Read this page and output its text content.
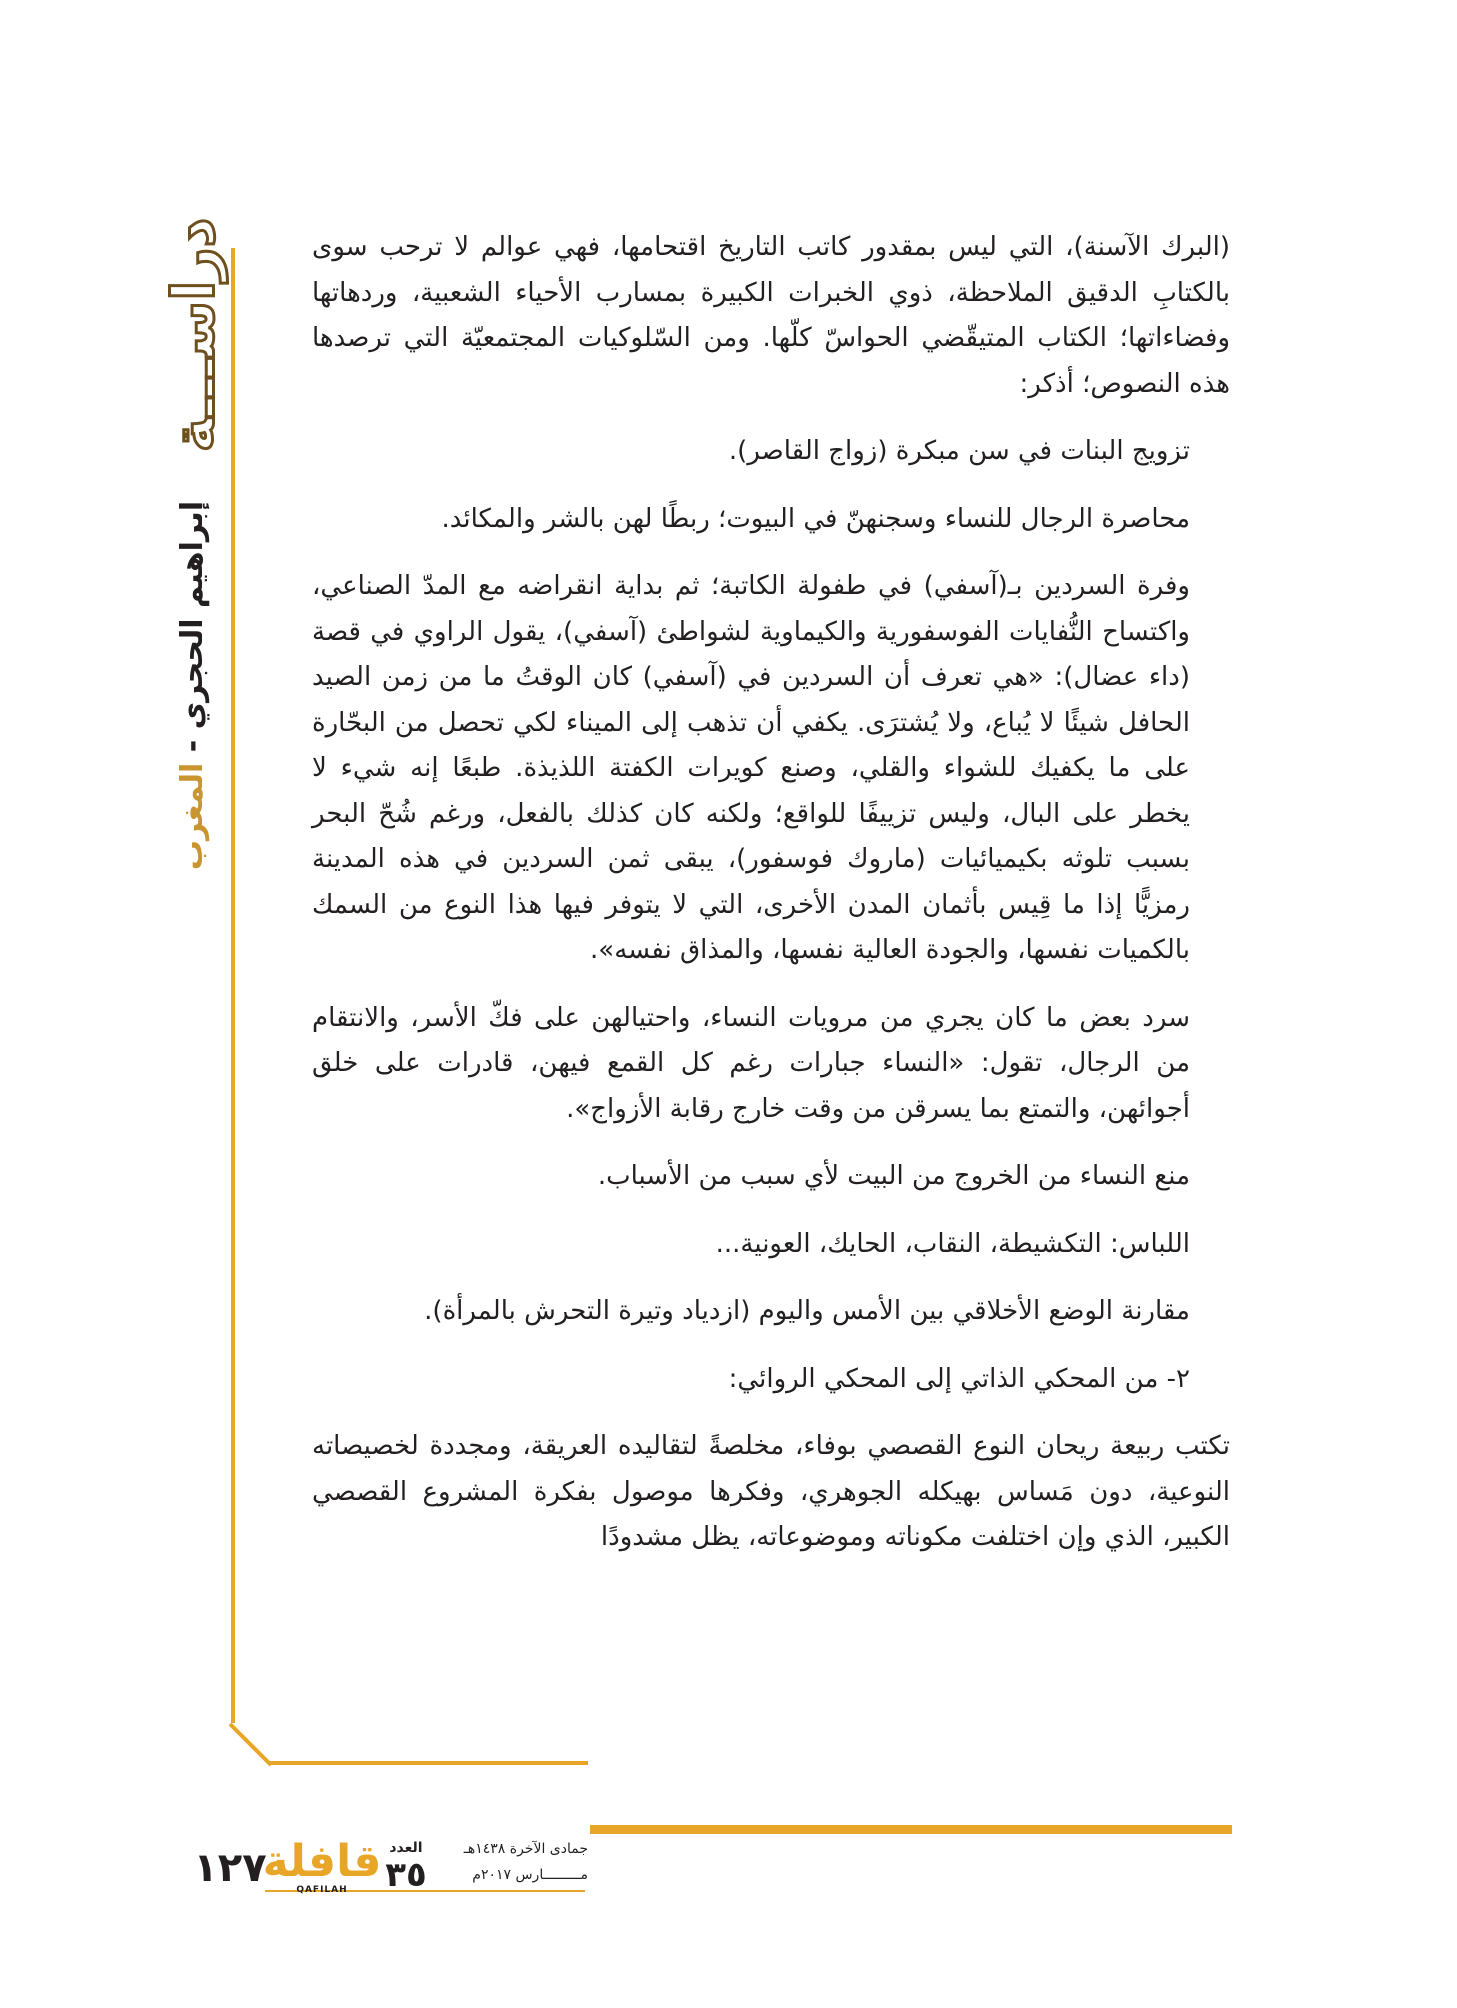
دراســـة
إبراهيم الحجري - المغرب

(البرك الآسنة)، التي ليس بمقدور كاتب التاريخ اقتحامها، فهي عوالم لا ترحب سوى بالكتابِ الدقيق الملاحظة، ذوي الخبرات الكبيرة بمسارب الأحياء الشعبية، وردهاتها وفضاءاتها؛ الكتاب المتيقّضي الحواسّ كلّها. ومن السّلوكيات المجتمعيّة التي ترصدها هذه النصوص؛ أذكر:

تزويج البنات في سن مبكرة (زواج القاصر).

محاصرة الرجال للنساء وسجنهنّ في البيوت؛ ربطًا لهن بالشر والمكائد.

وفرة السردين بـ(آسفي) في طفولة الكاتبة؛ ثم بداية انقراضه مع المدّ الصناعي، واكتساح النُّفايات الفوسفورية والكيماوية لشواطئ (آسفي)، يقول الراوي في قصة (داء عضال): «هي تعرف أن السردين في (آسفي) كان الوقتُ ما من زمن الصيد الحافل شيئًا لا يُباع، ولا يُشترَى. يكفي أن تذهب إلى الميناء لكي تحصل من البحّارة على ما يكفيك للشواء والقلي، وصنع كويرات الكفتة اللذيذة. طبعًا إنه شيء لا يخطر على البال، وليس تزييفًا للواقع؛ ولكنه كان كذلك بالفعل، ورغم شُحّ البحر بسبب تلوثه بكيميائيات (ماروك فوسفور)، يبقى ثمن السردين في هذه المدينة رمزيًّا إذا ما قِيس بأثمان المدن الأخرى، التي لا يتوفر فيها هذا النوع من السمك بالكميات نفسها، والجودة العالية نفسها، والمذاق نفسه».

سرد بعض ما كان يجري من مرويات النساء، واحتيالهن على فكّ الأسر، والانتقام من الرجال، تقول: «النساء جبارات رغم كل القمع فيهن، قادرات على خلق أجوائهن، والتمتع بما يسرقن من وقت خارج رقابة الأزواج».

منع النساء من الخروج من البيت لأي سبب من الأسباب.

اللباس: التكشيطة، النقاب، الحايك، العونية...

مقارنة الوضع الأخلاقي بين الأمس واليوم (ازدياد وتيرة التحرش بالمرأة).

٢- من المحكي الذاتي إلى المحكي الروائي:

تكتب ربيعة ريحان النوع القصصي بوفاء، مخلصةً لتقاليده العريقة، ومجددة لخصيصاته النوعية، دون مَساس بهيكله الجوهري، وفكرها موصول بفكرة المشروع القصصي الكبير، الذي وإن اختلفت مكوناته وموضوعاته، يظل مشدودًا

١٢٧
قافلة
QAFILAH
العدد
٣٥
جمادى الآخرة ١٤٣٨هـ
مـــــــــارس ٢٠١٧م
